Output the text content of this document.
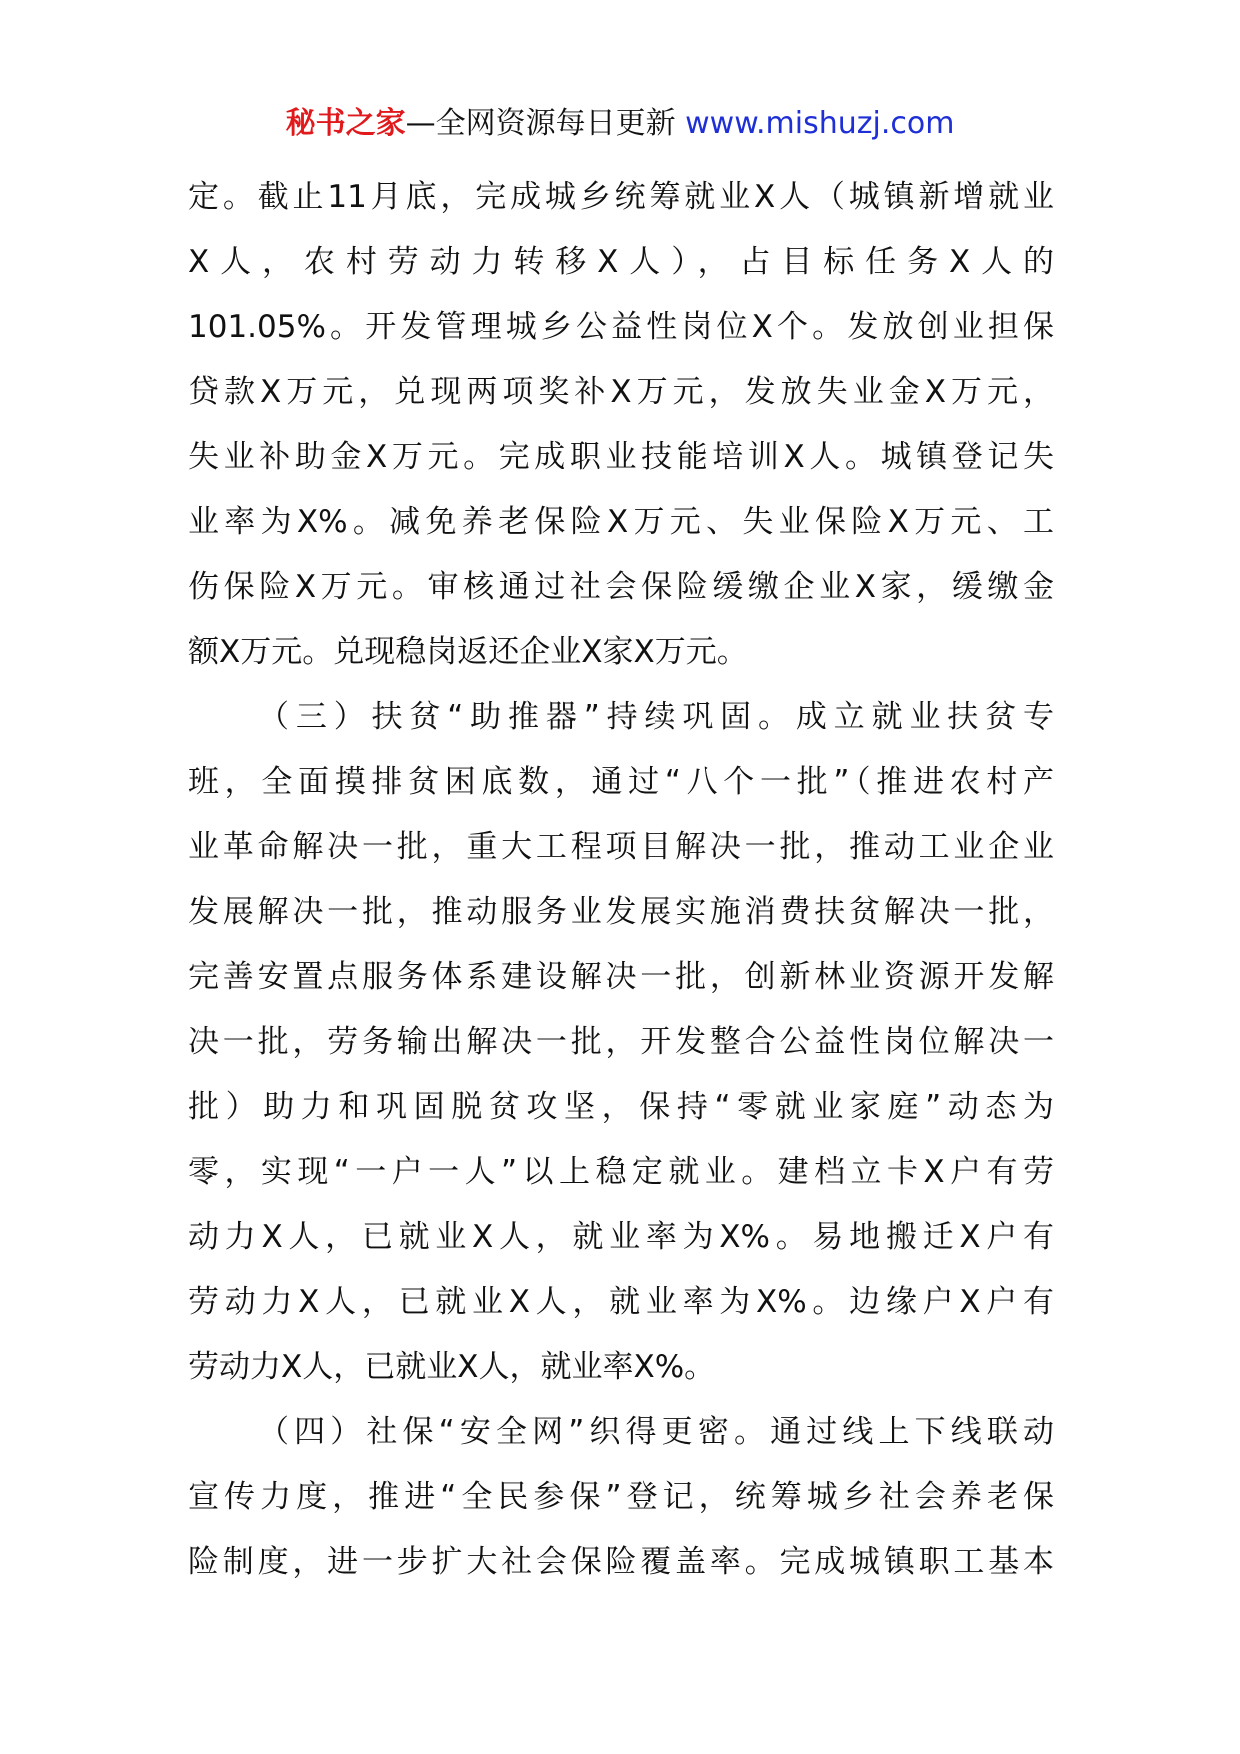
秘书之家—全网资源每日更新 www.mishuzj.com
定。截止11月底，完成城乡统筹就业X人（城镇新增就业
X人，农村劳动力转移X人），占目标任务X人的
101.05%。开发管理城乡公益性岗位X个。发放创业担保
贷款X万元，兑现两项奖补X万元，发放失业金X万元，
失业补助金X万元。完成职业技能培训X人。城镇登记失
业率为X%。减免养老保险X万元、失业保险X万元、工
伤保险X万元。审核通过社会保险缓缴企业X家，缓缴金
额X万元。兑现稳岗返还企业X家X万元。
（三）扶贫“助推器”持续巩固。成立就业扶贫专
班，全面摸排贫困底数，通过“八个一批”（推进农村产
业革命解决一批，重大工程项目解决一批，推动工业企业
发展解决一批，推动服务业发展实施消费扶贫解决一批，
完善安置点服务体系建设解决一批，创新林业资源开发解
决一批，劳务输出解决一批，开发整合公益性岗位解决一
批）助力和巩固脱贫攻坚，保持“零就业家庭”动态为
零，实现“一户一人”以上稳定就业。建档立卡X户有劳
动力X人，已就业X人，就业率为X%。易地搬迁X户有
劳动力X人，已就业X人，就业率为X%。边缘户X户有
劳动力X人，已就业X人，就业率X%。
（四）社保“安全网”织得更密。通过线上下线联动
宣传力度，推进“全民参保”登记，统筹城乡社会养老保
险制度，进一步扩大社会保险覆盖率。完成城镇职工基本
